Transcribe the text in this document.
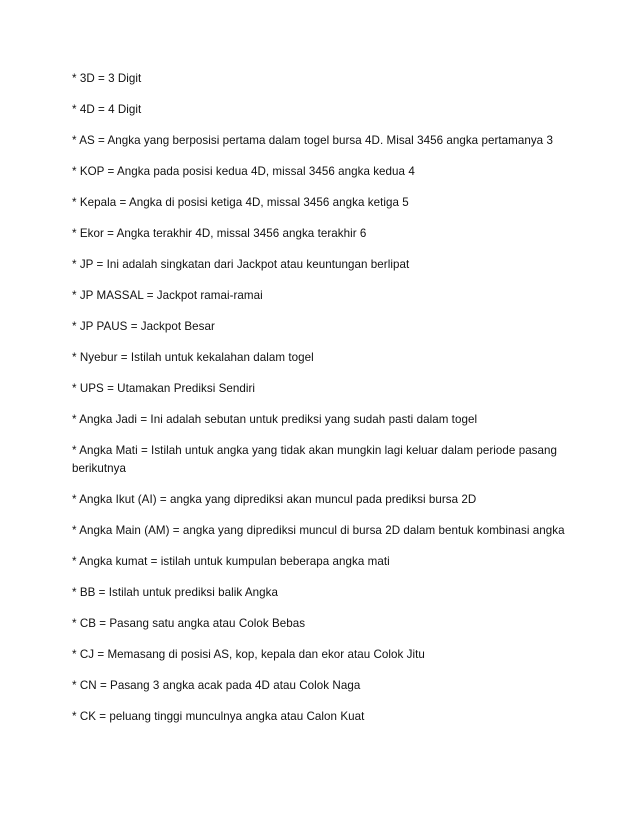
* 3D = 3 Digit
* 4D = 4 Digit
* AS = Angka yang berposisi pertama dalam togel bursa 4D. Misal 3456 angka pertamanya 3
* KOP = Angka pada posisi kedua 4D, missal 3456 angka kedua 4
* Kepala = Angka di posisi ketiga 4D, missal 3456 angka ketiga 5
* Ekor = Angka terakhir 4D, missal 3456 angka terakhir 6
* JP = Ini adalah singkatan dari Jackpot atau keuntungan berlipat
* JP MASSAL = Jackpot ramai-ramai
* JP PAUS = Jackpot Besar
* Nyebur = Istilah untuk kekalahan dalam togel
* UPS = Utamakan Prediksi Sendiri
* Angka Jadi = Ini adalah sebutan untuk prediksi yang sudah pasti dalam togel
* Angka Mati = Istilah untuk angka yang tidak akan mungkin lagi keluar dalam periode pasang berikutnya
* Angka Ikut (AI) = angka yang diprediksi akan muncul pada prediksi bursa 2D
* Angka Main (AM) = angka yang diprediksi muncul di bursa 2D dalam bentuk kombinasi angka
* Angka kumat = istilah untuk kumpulan beberapa angka mati
* BB = Istilah untuk prediksi balik Angka
* CB = Pasang satu angka atau Colok Bebas
* CJ = Memasang di posisi AS, kop, kepala dan ekor atau Colok Jitu
* CN = Pasang 3 angka acak pada 4D atau Colok Naga
* CK = peluang tinggi munculnya angka atau Calon Kuat
